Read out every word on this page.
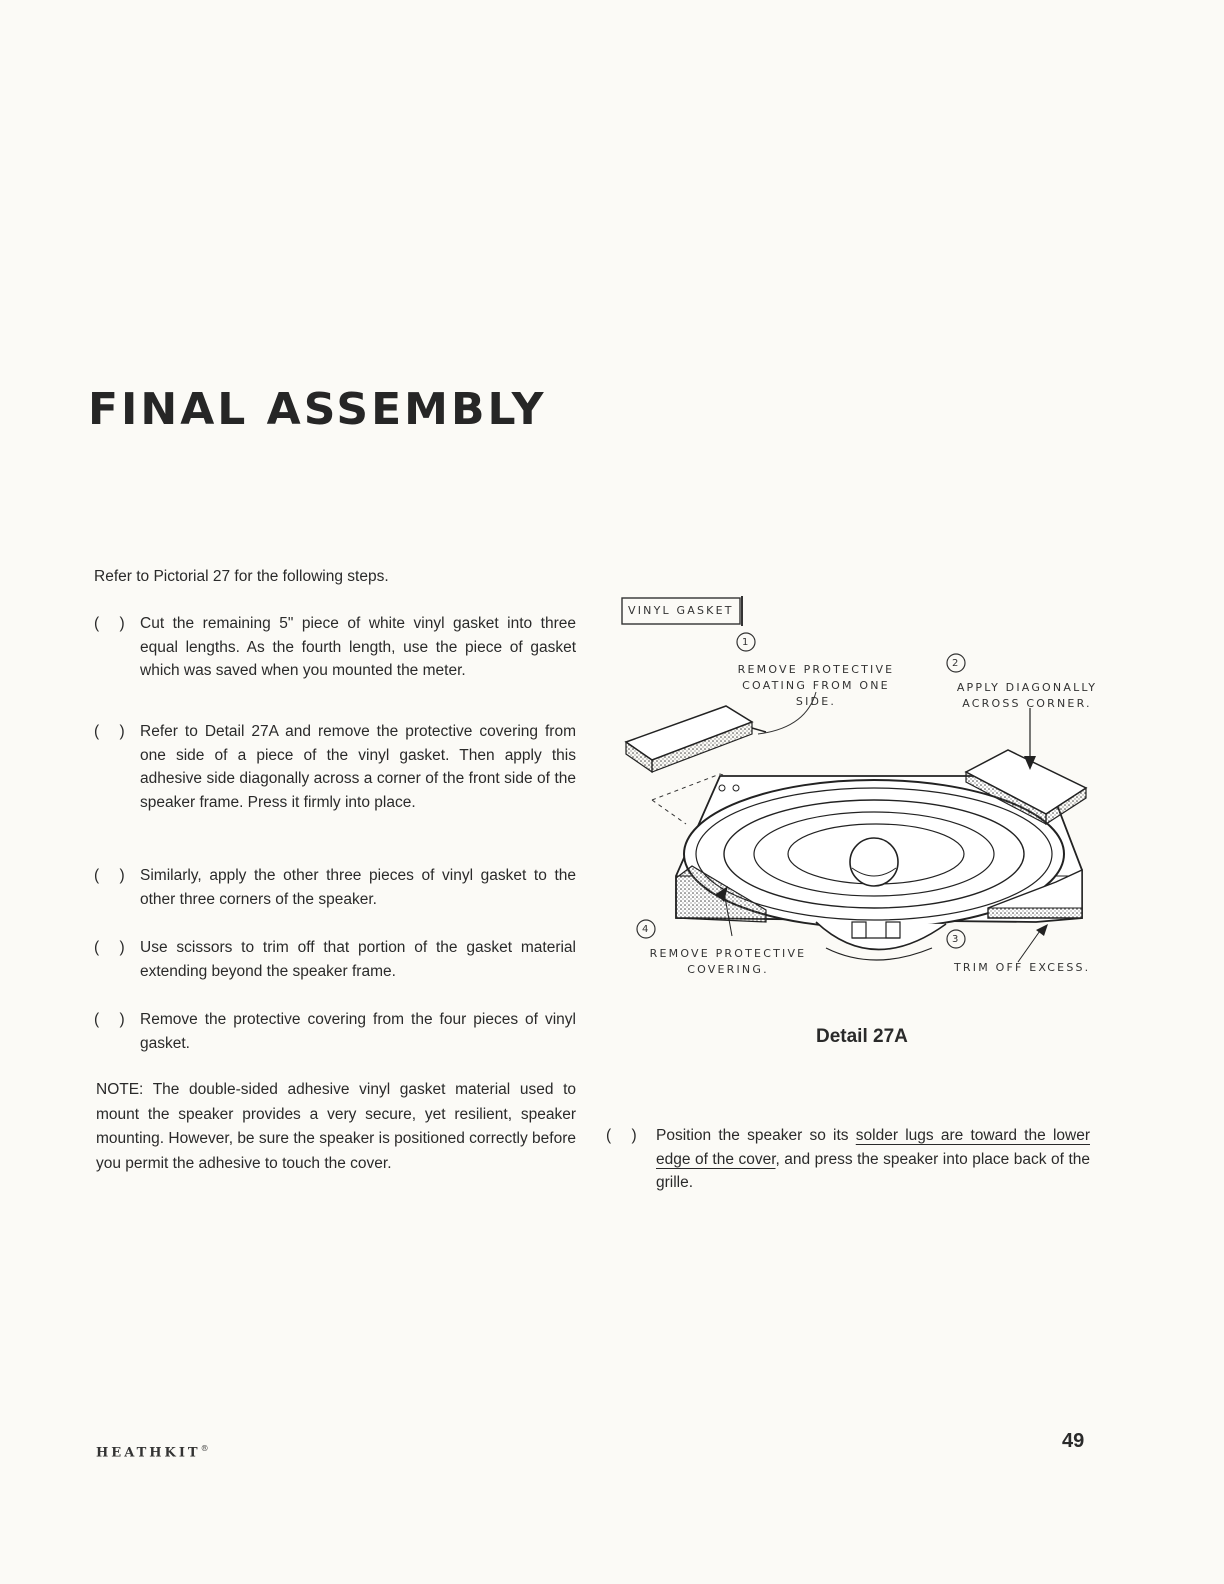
FINAL ASSEMBLY
Refer to Pictorial 27 for the following steps.
( ) Cut the remaining 5" piece of white vinyl gasket into three equal lengths. As the fourth length, use the piece of gasket which was saved when you mounted the meter.
( ) Refer to Detail 27A and remove the protective covering from one side of a piece of the vinyl gasket. Then apply this adhesive side diagonally across a corner of the front side of the speaker frame. Press it firmly into place.
( ) Similarly, apply the other three pieces of vinyl gasket to the other three corners of the speaker.
( ) Use scissors to trim off that portion of the gasket material extending beyond the speaker frame.
( ) Remove the protective covering from the four pieces of vinyl gasket.
NOTE: The double-sided adhesive vinyl gasket material used to mount the speaker provides a very secure, yet resilient, speaker mounting. However, be sure the speaker is positioned correctly before you permit the adhesive to touch the cover.
VINYL GASKET
1
2
3
4
REMOVE PROTECTIVE
COATING FROM ONE
SIDE.
APPLY DIAGONALLY
ACROSS CORNER.
TRIM OFF EXCESS.
REMOVE PROTECTIVE
COVERING.
Detail 27A
( ) Position the speaker so its solder lugs are toward the lower edge of the cover, and press the speaker into place back of the grille.
HEATHKIT®	49
